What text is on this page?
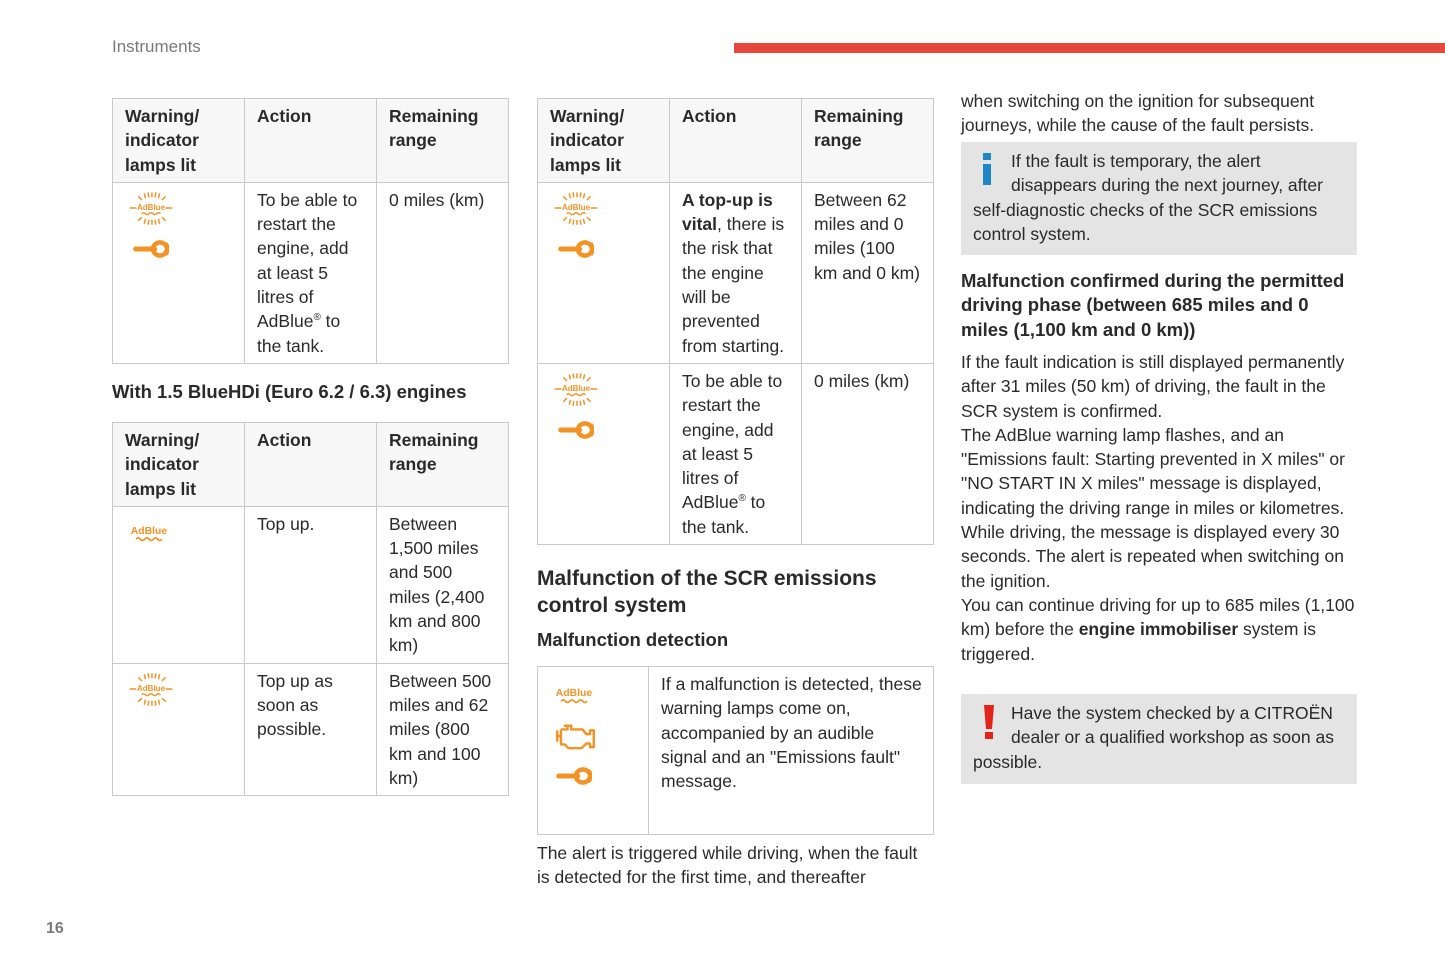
Instruments
Warning/ indicator lamps lit	Action	Remaining range

	To be able to restart the engine, add at least 5 litres of AdBlue® to the tank.	0 miles (km)
With 1.5 BlueHDi (Euro 6.2 / 6.3) engines
Warning/ indicator lamps lit	Action	Remaining range

	Top up.	Between 1,500 miles and 500 miles (2,400 km and 800 km)

	Top up as soon as possible.	Between 500 miles and 62 miles (800 km and 100 km)
Warning/ indicator lamps lit	Action	Remaining range

	A top-up is vital, there is the risk that the engine will be prevented from starting.	Between 62 miles and 0 miles (100 km and 0 km)

	To be able to restart the engine, add at least 5 litres of AdBlue® to the tank.	0 miles (km)
Malfunction of the SCR emissions control system
Malfunction detection
	If a malfunction is detected, these warning lamps come on, accompanied by an audible signal and an "Emissions fault" message.
The alert is triggered while driving, when the fault is detected for the first time, and thereafter
when switching on the ignition for subsequent journeys, while the cause of the fault persists.
If the fault is temporary, the alert disappears during the next journey, after self-diagnostic checks of the SCR emissions control system.
Malfunction confirmed during the permitted driving phase (between 685 miles and 0 miles (1,100 km and 0 km))

If the fault indication is still displayed permanently after 31 miles (50 km) of driving, the fault in the SCR system is confirmed.

The AdBlue warning lamp flashes, and an "Emissions fault: Starting prevented in X miles" or "NO START IN X miles" message is displayed, indicating the driving range in miles or kilometres.

While driving, the message is displayed every 30 seconds. The alert is repeated when switching on the ignition.

You can continue driving for up to 685 miles (1,100 km) before the engine immobiliser system is triggered.

Have the system checked by a CITROËN dealer or a qualified workshop as soon as possible.
16
